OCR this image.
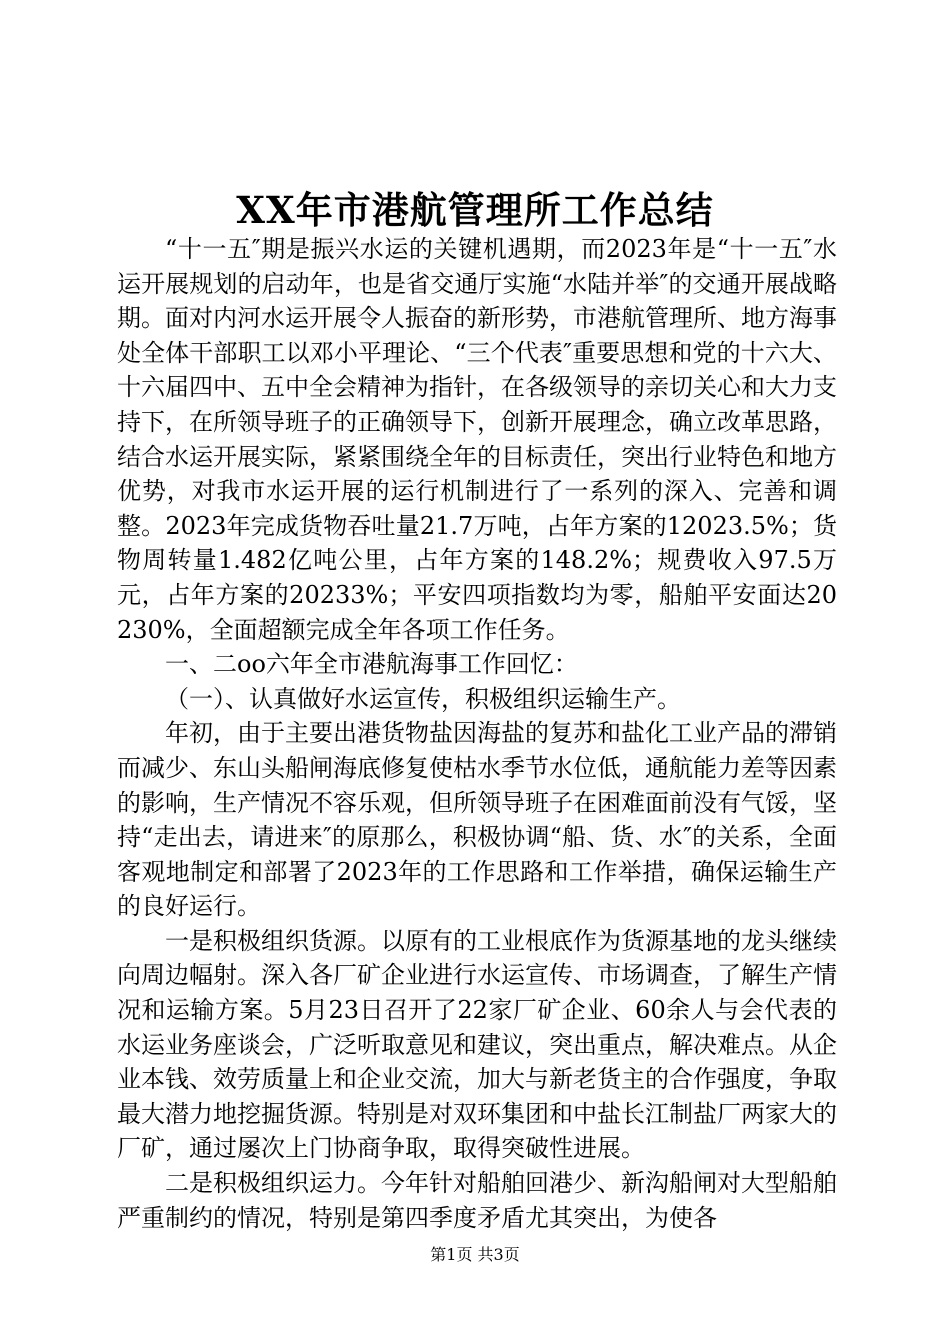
XX年市港航管理所工作总结

“十一五″期是振兴水运的关键机遇期，而2023年是“十一五″水运开展规划的启动年，也是省交通厅实施“水陆并举″的交通开展战略期。面对内河水运开展令人振奋的新形势，市港航管理所、地方海事处全体干部职工以邓小平理论、“三个代表″重要思想和党的十六大、十六届四中、五中全会精神为指针，在各级领导的亲切关心和大力支持下，在所领导班子的正确领导下，创新开展理念，确立改革思路，结合水运开展实际，紧紧围绕全年的目标责任，突出行业特色和地方优势，对我市水运开展的运行机制进行了一系列的深入、完善和调整。2023年完成货物吞吐量21.7万吨，占年方案的12023.5%；货物周转量1.482亿吨公里，占年方案的148.2%；规费收入97.5万元，占年方案的20233%；平安四项指数均为零，船舶平安面达20230%，全面超额完成全年各项工作任务。

一、二oo六年全市港航海事工作回忆：

（一）、认真做好水运宣传，积极组织运输生产。

年初，由于主要出港货物盐因海盐的复苏和盐化工业产品的滞销而减少、东山头船闸海底修复使枯水季节水位低，通航能力差等因素的影响，生产情况不容乐观，但所领导班子在困难面前没有气馁，坚持“走出去，请进来″的原那么，积极协调“船、货、水″的关系，全面客观地制定和部署了2023年的工作思路和工作举措，确保运输生产的良好运行。

一是积极组织货源。以原有的工业根底作为货源基地的龙头继续向周边幅射。深入各厂矿企业进行水运宣传、市场调查，了解生产情况和运输方案。5月23日召开了22家厂矿企业、60余人与会代表的水运业务座谈会，广泛听取意见和建议，突出重点，解决难点。从企业本钱、效劳质量上和企业交流，加大与新老货主的合作强度，争取最大潜力地挖掘货源。特别是对双环集团和中盐长江制盐厂两家大的厂矿，通过屡次上门协商争取，取得突破性进展。

二是积极组织运力。今年针对船舶回港少、新沟船闸对大型船舶严重制约的情况，特别是第四季度矛盾尤其突出，为使各

第1页 共3页
